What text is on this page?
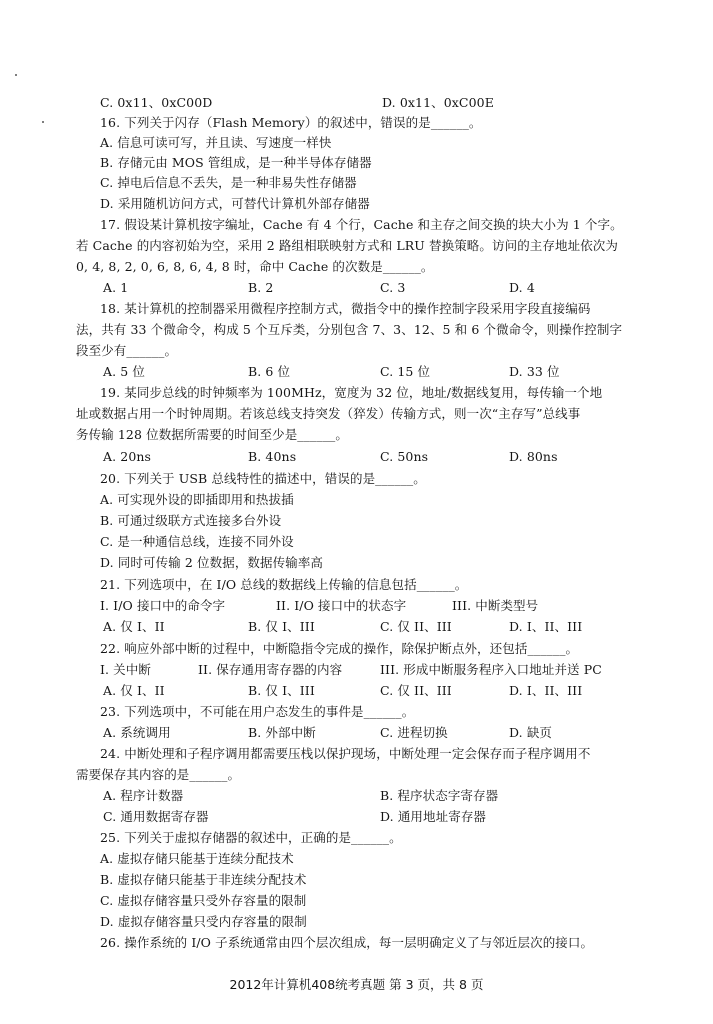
C. 0x11、0xC00D	D. 0x11、0xC00E
16. 下列关于闪存（Flash Memory）的叙述中，错误的是______。
A. 信息可读可写，并且读、写速度一样快
B. 存储元由 MOS 管组成，是一种半导体存储器
C. 掉电后信息不丢失，是一种非易失性存储器
D. 采用随机访问方式，可替代计算机外部存储器
17. 假设某计算机按字编址，Cache 有 4 个行，Cache 和主存之间交换的块大小为 1 个字。
若 Cache 的内容初始为空，采用 2 路组相联映射方式和 LRU 替换策略。访问的主存地址依次为
0, 4, 8, 2, 0, 6, 8, 6, 4, 8 时，命中 Cache 的次数是______。
A. 1	B. 2	C. 3	D. 4
18. 某计算机的控制器采用微程序控制方式，微指令中的操作控制字段采用字段直接编码
法，共有 33 个微命令，构成 5 个互斥类，分别包含 7、3、12、5 和 6 个微命令，则操作控制字
段至少有______。
A. 5 位	B. 6 位	C. 15 位	D. 33 位
19. 某同步总线的时钟频率为 100MHz，宽度为 32 位，地址/数据线复用，每传输一个地
址或数据占用一个时钟周期。若该总线支持突发（猝发）传输方式，则一次“主存写”总线事
务传输 128 位数据所需要的时间至少是______。
A. 20ns	B. 40ns	C. 50ns	D. 80ns
20. 下列关于 USB 总线特性的描述中，错误的是______。
A. 可实现外设的即插即用和热拔插
B. 可通过级联方式连接多台外设
C. 是一种通信总线，连接不同外设
D. 同时可传输 2 位数据，数据传输率高
21. 下列选项中，在 I/O 总线的数据线上传输的信息包括______。
I. I/O 接口中的命令字	II. I/O 接口中的状态字	III. 中断类型号
A. 仅 I、II	B. 仅 I、III	C. 仅 II、III	D. I、II、III
22. 响应外部中断的过程中，中断隐指令完成的操作，除保护断点外，还包括______。
I. 关中断	II. 保存通用寄存器的内容	III. 形成中断服务程序入口地址并送 PC
A. 仅 I、II	B. 仅 I、III	C. 仅 II、III	D. I、II、III
23. 下列选项中，不可能在用户态发生的事件是______。
A. 系统调用	B. 外部中断	C. 进程切换	D. 缺页
24. 中断处理和子程序调用都需要压栈以保护现场，中断处理一定会保存而子程序调用不
需要保存其内容的是______。
A. 程序计数器	B. 程序状态字寄存器
C. 通用数据寄存器	D. 通用地址寄存器
25. 下列关于虚拟存储器的叙述中，正确的是______。
A. 虚拟存储只能基于连续分配技术
B. 虚拟存储只能基于非连续分配技术
C. 虚拟存储容量只受外存容量的限制
D. 虚拟存储容量只受内存容量的限制
26. 操作系统的 I/O 子系统通常由四个层次组成，每一层明确定义了与邻近层次的接口。
2012年计算机408统考真题 第 3 页，共 8 页
